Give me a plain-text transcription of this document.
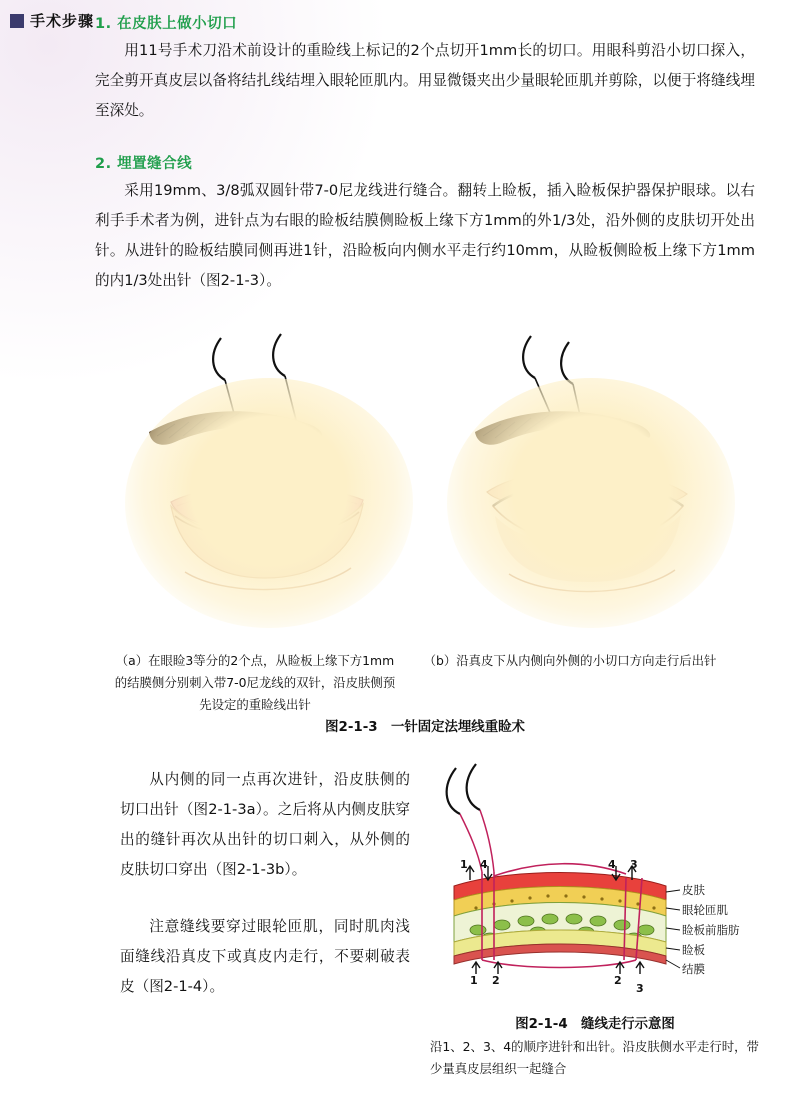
手术步骤 1. 在皮肤上做小切口
用11号手术刀沿术前设计的重睑线上标记的2个点切开1mm长的切口。用眼科剪沿小切口探入，完全剪开真皮层以备将结扎线结埋入眼轮匝肌内。用显微镊夹出少量眼轮匝肌并剪除，以便于将缝线埋至深处。
2. 埋置缝合线
采用19mm、3/8弧双圆针带7-0尼龙线进行缝合。翻转上睑板，插入睑板保护器保护眼球。以右利手手术者为例，进针点为右眼的睑板结膜侧睑板上缘下方1mm的外1/3处，沿外侧的皮肤切开处出针。从进针的睑板结膜同侧再进1针，沿睑板向内侧水平走行约10mm，从睑板侧睑板上缘下方1mm的内1/3处出针（图2-1-3）。
（a）在眼睑3等分的2个点，从睑板上缘下方1mm的结膜侧分别刺入带7-0尼龙线的双针，沿皮肤侧预先设定的重睑线出针
（b）沿真皮下从内侧向外侧的小切口方向走行后出针
图2-1-3　一针固定法埋线重睑术
从内侧的同一点再次进针，沿皮肤侧的切口出针（图2-1-3a）。之后将从内侧皮肤穿出的缝针再次从出针的切口刺入，从外侧的皮肤切口穿出（图2-1-3b）。
注意缝线要穿过眼轮匝肌，同时肌肉浅面缝线沿真皮下或真皮内走行，不要刺破表皮（图2-1-4）。
4
1	4 3
1 2	2
3
皮肤
眼轮匝肌
睑板前脂肪
睑板
结膜
图2-1-4　缝线走行示意图
沿1、2、3、4的顺序进针和出针。沿皮肤侧水平走行时，带少量真皮层组织一起缝合
